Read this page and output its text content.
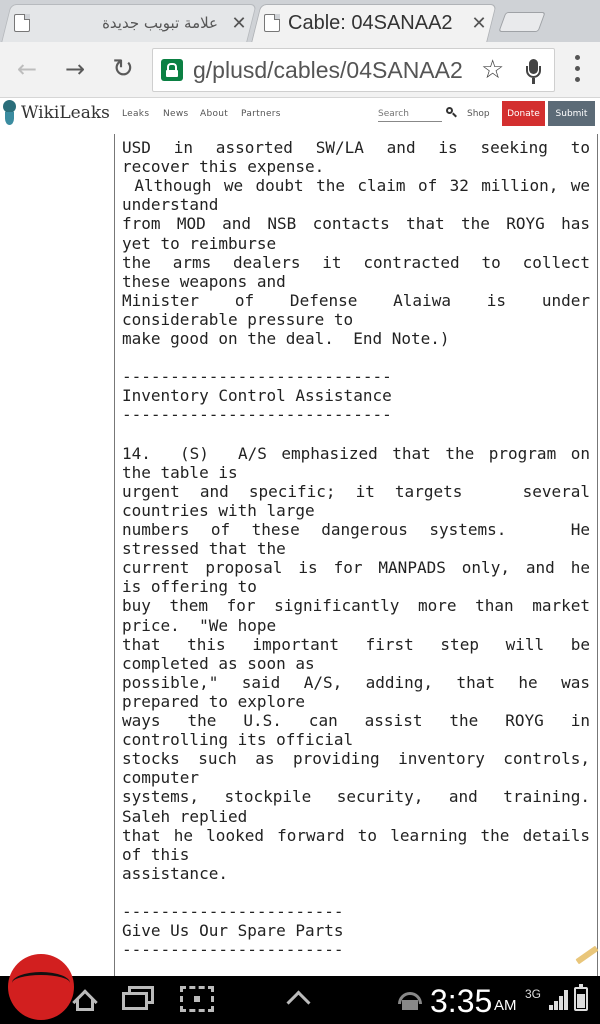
علامة تبويب جديدة ✕ Cable: 04SANAA2	✕
← → ↻	g/plusd/cables/04SANAA2 ☆
WikiLeaks Leaks News About Partners
Search	Shop	Donate	Submit
USD in assorted SW/LA and is seeking to
recover this expense.
Although we doubt the claim of 32 million, we
understand
from MOD and NSB contacts that the ROYG has
yet to reimburse
the arms dealers it contracted to collect
these weapons and
Minister of Defense Alaiwa is under
considerable pressure to
make good on the deal.  End Note.)
----------------------------
Inventory Control Assistance
----------------------------
14.  (S)  A/S emphasized that the program on
the table is
urgent and specific; it targets   several
countries with large
numbers of these dangerous systems.   He
stressed that the
current proposal is for MANPADS only, and he
is offering to
buy them for significantly more than market
price.  "We hope
that this important first step will be
completed as soon as
possible," said A/S, adding, that he was
prepared to explore
ways the U.S. can assist the ROYG in
controlling its official
stocks such as providing inventory controls,
computer
systems, stockpile security, and training.
Saleh replied
that he looked forward to learning the details
of this
assistance.
-----------------------
Give Us Our Spare Parts
-----------------------
3:35 AM
3G
